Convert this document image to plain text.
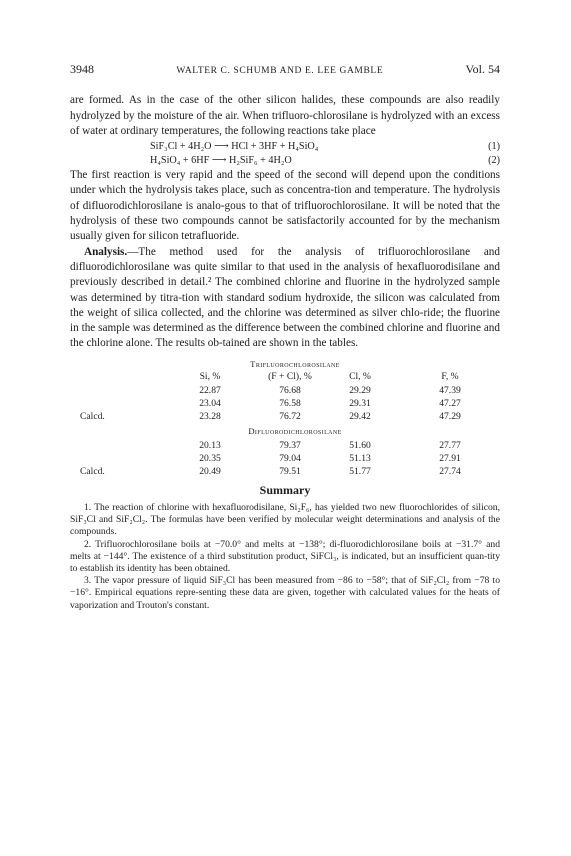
3948	WALTER C. SCHUMB AND E. LEE GAMBLE	Vol. 54

are formed. As in the case of the other silicon halides, these compounds are also readily hydrolyzed by the moisture of the air. When trifluoro-chlorosilane is hydrolyzed with an excess of water at ordinary temperatures, the following reactions take place

SiF₃Cl + 4H₂O ⟶ HCl + 3HF + H₄SiO₄	(1)
H₄SiO₄ + 6HF ⟶ H₂SiF₆ + 4H₂O	(2)

The first reaction is very rapid and the speed of the second will depend upon the conditions under which the hydrolysis takes place, such as concentra-tion and temperature. The hydrolysis of difluorodichlorosilane is analo-gous to that of trifluorochlorosilane. It will be noted that the hydrolysis of these two compounds cannot be satisfactorily accounted for by the mechanism usually given for silicon tetrafluoride.

Analysis.—The method used for the analysis of trifluorochlorosilane and difluorodichlorosilane was quite similar to that used in the analysis of hexafluorodisilane and previously described in detail.² The combined chlorine and fluorine in the hydrolyzed sample was determined by titra-tion with standard sodium hydroxide, the silicon was calculated from the weight of silica collected, and the chlorine was determined as silver chlo-ride; the fluorine in the sample was determined as the difference between the combined chlorine and fluorine and the chlorine alone. The results ob-tained are shown in the tables.

Trifluorochlorosilane
Si, %	(F + Cl), %	Cl, %	F, %
22.87	76.68	29.29	47.39
23.04	76.58	29.31	47.27
Calcd.	23.28	76.72	29.42	47.29
Difluorodichlorosilane
20.13	79.37	51.60	27.77
20.35	79.04	51.13	27.91
Calcd.	20.49	79.51	51.77	27.74
Summary

1. The reaction of chlorine with hexafluorodisilane, Si₂F₆, has yielded two new fluorochlorides of silicon, SiF₃Cl and SiF₂Cl₂. The formulas have been verified by molecular weight determinations and analysis of the compounds.

2. Trifluorochlorosilane boils at −70.0° and melts at −138°; di-fluorodichlorosilane boils at −31.7° and melts at −144°. The existence of a third substitution product, SiFCl₃, is indicated, but an insufficient quan-tity to establish its identity has been obtained.

3. The vapor pressure of liquid SiF₃Cl has been measured from −86 to −58°; that of SiF₂Cl₂ from −78 to −16°. Empirical equations repre-senting these data are given, together with calculated values for the heats of vaporization and Trouton's constant.
